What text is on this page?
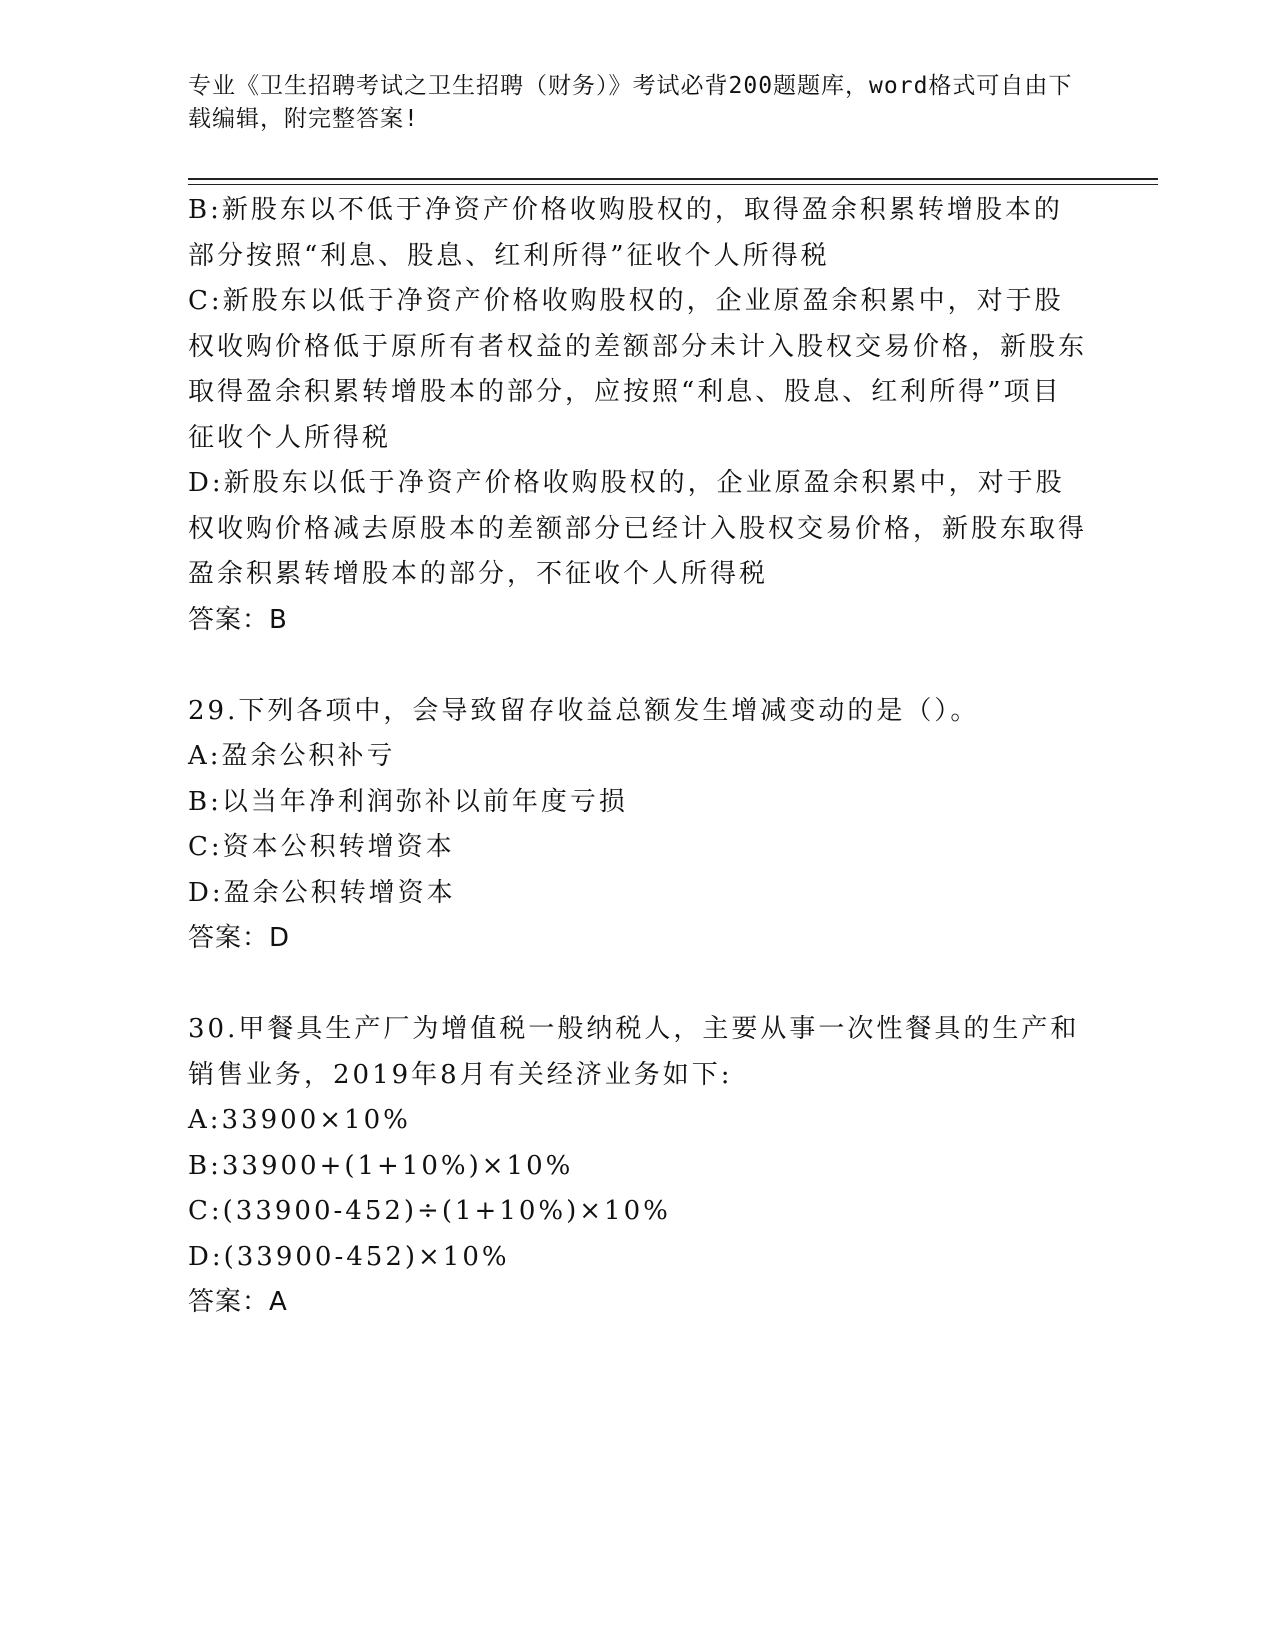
专业《卫生招聘考试之卫生招聘（财务）》考试必背200题题库，word格式可自由下载编辑，附完整答案!

B:新股东以不低于净资产价格收购股权的，取得盈余积累转增股本的部分按照“利息、股息、红利所得”征收个人所得税

C:新股东以低于净资产价格收购股权的，企业原盈余积累中，对于股权收购价格低于原所有者权益的差额部分未计入股权交易价格，新股东取得盈余积累转增股本的部分，应按照“利息、股息、红利所得”项目征收个人所得税

D:新股东以低于净资产价格收购股权的，企业原盈余积累中，对于股权收购价格减去原股本的差额部分已经计入股权交易价格，新股东取得盈余积累转增股本的部分，不征收个人所得税

答案：B

29.下列各项中，会导致留存收益总额发生增减变动的是（）。

A:盈余公积补亏

B:以当年净利润弥补以前年度亏损

C:资本公积转增资本

D:盈余公积转增资本

答案：D

30.甲餐具生产厂为增值税一般纳税人，主要从事一次性餐具的生产和销售业务，2019年8月有关经济业务如下:

A:33900×10%

B:33900+(1+10%)×10%

C:(33900-452)÷(1+10%)×10%

D:(33900-452)×10%

答案：A
